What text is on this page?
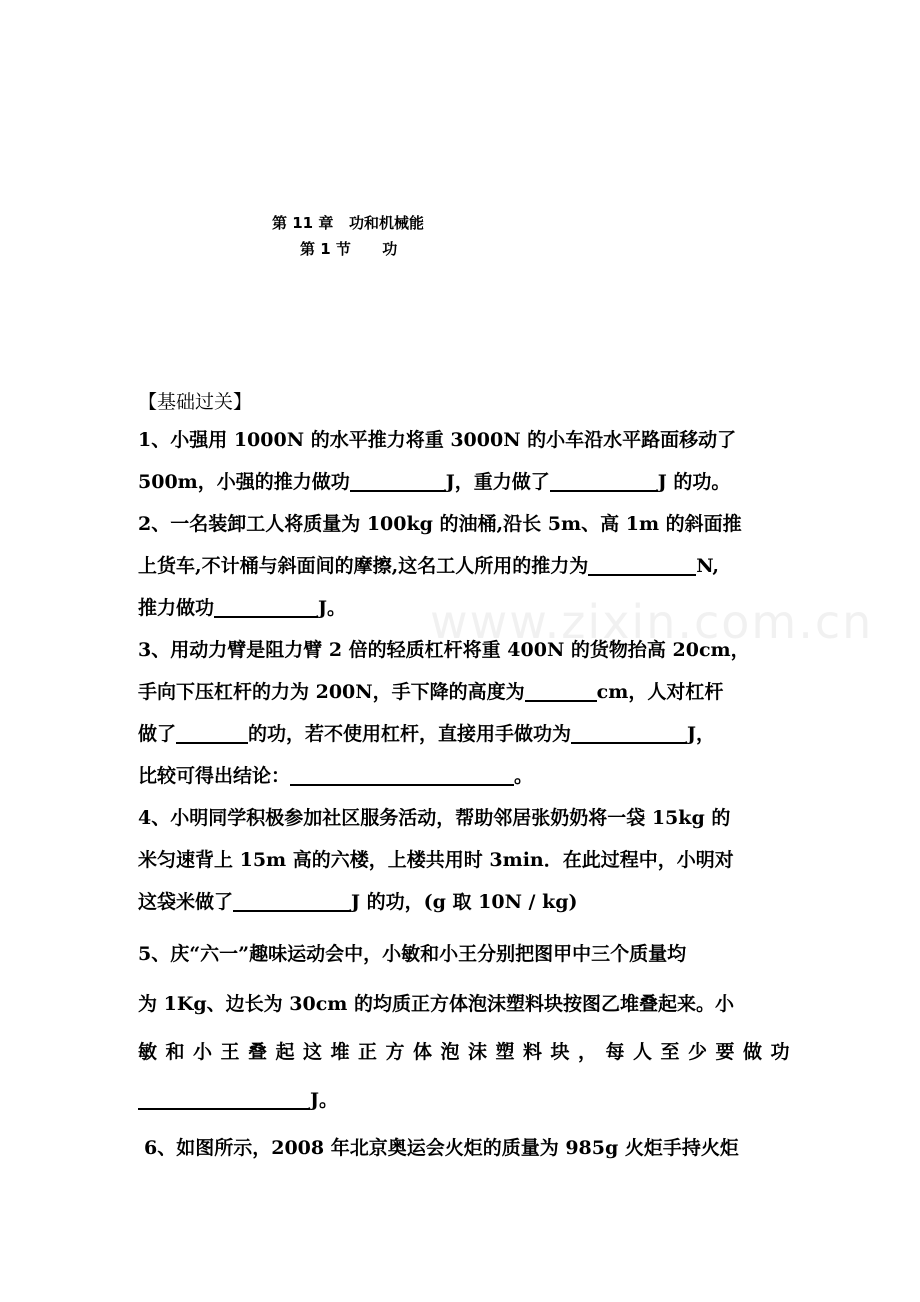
www.zixin.com.cn
第 11 章   功和机械能
第 1 节      功
【基础过关】
1、小强用 1000N 的水平推力将重 3000N 的小车沿水平路面移动了
500m，小强的推力做功	J，重力做了	J 的功。
2、一名装卸工人将质量为 100kg 的油桶,沿长 5m、高 1m 的斜面推
上货车,不计桶与斜面间的摩擦,这名工人所用的推力为	N,
推力做功	J。
3、用动力臂是阻力臂 2 倍的轻质杠杆将重 400N 的货物抬高 20cm，
手向下压杠杆的力为 200N，手下降的高度为	cm，人对杠杆
做了	的功，若不使用杠杆，直接用手做功为	J，
比较可得出结论：	。
4、小明同学积极参加社区服务活动，帮助邻居张奶奶将一袋 15kg 的
米匀速背上 15m 高的六楼，上楼共用时 3min．在此过程中，小明对
这袋米做了	J 的功，(g 取 10N / kg)
5、庆“六一”趣味运动会中，小敏和小王分别把图甲中三个质量均
为 1Kg、边长为 30cm 的均质正方体泡沫塑料块按图乙堆叠起来。小
敏和小王叠起这堆正方体泡沫塑料块，每人至少要做功
J。
6、如图所示，2008 年北京奥运会火炬的质量为 985g 火炬手持火炬
